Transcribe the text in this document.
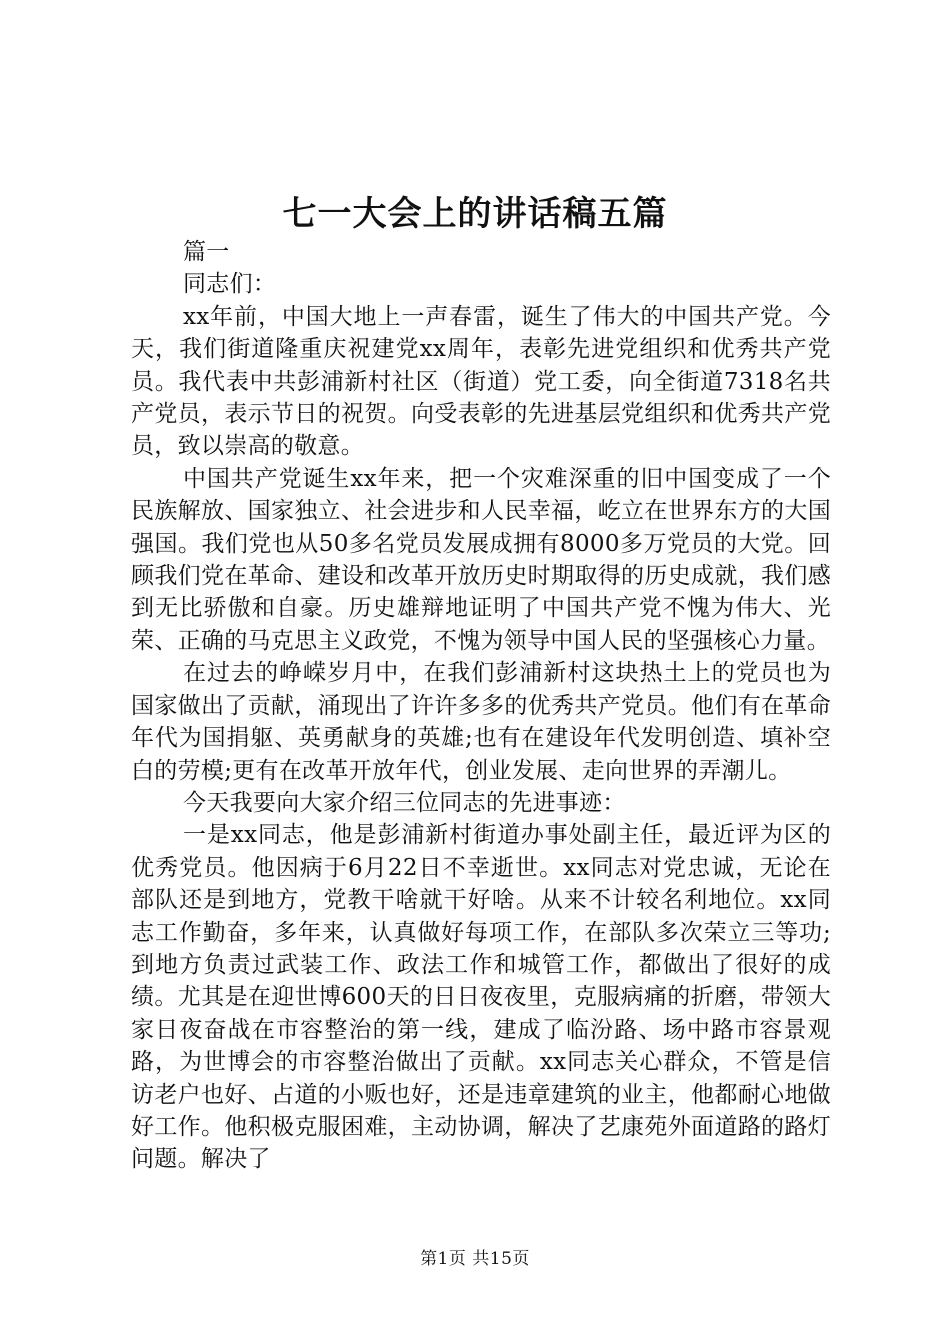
七一大会上的讲话稿五篇

篇一

同志们：

xx年前，中国大地上一声春雷，诞生了伟大的中国共产党。今天，我们街道隆重庆祝建党xx周年，表彰先进党组织和优秀共产党员。我代表中共彭浦新村社区（街道）党工委，向全街道7318名共产党员，表示节日的祝贺。向受表彰的先进基层党组织和优秀共产党员，致以崇高的敬意。

中国共产党诞生xx年来，把一个灾难深重的旧中国变成了一个民族解放、国家独立、社会进步和人民幸福，屹立在世界东方的大国强国。我们党也从50多名党员发展成拥有8000多万党员的大党。回顾我们党在革命、建设和改革开放历史时期取得的历史成就，我们感到无比骄傲和自豪。历史雄辩地证明了中国共产党不愧为伟大、光荣、正确的马克思主义政党，不愧为领导中国人民的坚强核心力量。

在过去的峥嵘岁月中，在我们彭浦新村这块热土上的党员也为国家做出了贡献，涌现出了许许多多的优秀共产党员。他们有在革命年代为国捐躯、英勇献身的英雄;也有在建设年代发明创造、填补空白的劳模;更有在改革开放年代，创业发展、走向世界的弄潮儿。

今天我要向大家介绍三位同志的先进事迹：

一是xx同志，他是彭浦新村街道办事处副主任，最近评为区的优秀党员。他因病于6月22日不幸逝世。xx同志对党忠诚，无论在部队还是到地方，党教干啥就干好啥。从来不计较名利地位。xx同志工作勤奋，多年来，认真做好每项工作，在部队多次荣立三等功;到地方负责过武装工作、政法工作和城管工作，都做出了很好的成绩。尤其是在迎世博600天的日日夜夜里，克服病痛的折磨，带领大家日夜奋战在市容整治的第一线，建成了临汾路、场中路市容景观路，为世博会的市容整治做出了贡献。xx同志关心群众，不管是信访老户也好、占道的小贩也好，还是违章建筑的业主，他都耐心地做好工作。他积极克服困难，主动协调，解决了艺康苑外面道路的路灯问题。解决了

第1页 共15页
